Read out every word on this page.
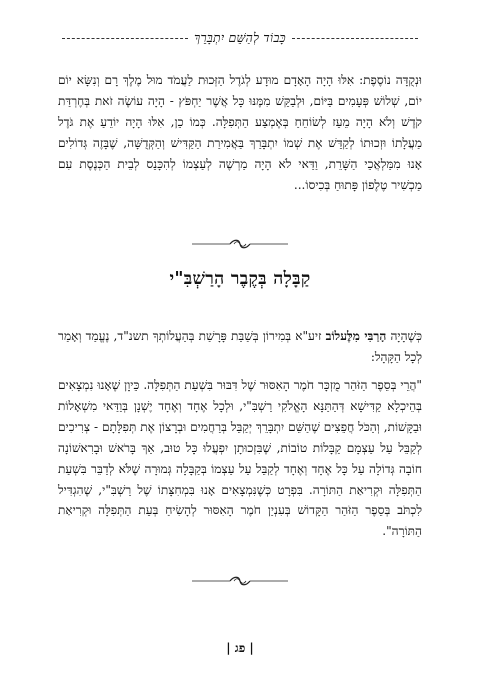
כָּבוֹד לְהַשֵּׁם יִתְבָּרֵךְ

וּנְקֻדָּה נוֹסֶפֶת: אִלּוּ הָיָה הָאָדָם מוּדָע לְגֹדֶל הַזְּכוּת לַעֲמֹד מוּל מֶלֶךְ רָם וְנִשָּׂא יוֹם יוֹם, שְׁלוֹשׁ פְּעָמִים בַּיּוֹם, וּלְבַקֵּשׁ מִמֶּנּוּ כָּל אֲשֶׁר יַחְפֹּץ - הָיָה עוֹשֶׂה זֹאת בְּחֶרְדַּת קֹדֶשׁ וְלֹא הָיָה מֵעֵז לְשׂוֹחֵחַ בְּאֶמְצַע הַתְּפִלָּה. כְּמוֹ כֵן, אִלּוּ הָיָה יוֹדֵעַ אֶת גֹּדֶל מַעֲלָתוֹ וּזְכוּתוֹ לְקַדֵּשׁ אֶת שְׁמוֹ יִתְבָּרַךְ בַּאֲמִירַת הַקַּדִּישׁ וְהַקְּדֻשָּׁה, שֶׁבָּזֶה גְּדוֹלִים אָנוּ מִמַּלְאֲכֵי הַשָּׁרֵת, וַדַּאי לֹא הָיָה מַרְשֶׁה לְעַצְמוֹ לְהִכָּנֵס לְבֵית הַכְּנֶסֶת עִם מַכְשִׁיר טֶלֶפוֹן פָּתוּחַ בְּכִיסוֹ...

קַבָּלָה בְּקֶבֶר הָרַשְׁבִּ"י

כְּשֶׁהָיָה הָרַבִּי מִלֶּעלוֹב זיע"א בְּמִירוֹן בְּשַׁבַּת פָּרָשַׁת בְּהַעֲלוֹתְךָ תשנ"ד, נֶעֱמַד וְאָמַר לְכָל הַקָּהָל:

"הֲרֵי בְּסֵפֶר הַזֹּהַר מֻזְכָּר חֹמֶר הָאִסּוּר שֶׁל דִּבּוּר בִּשְׁעַת הַתְּפִלָּה. כֵּיוָן שֶׁאָנוּ נִמְצָאִים בְּהֵיכְלָא קַדִּישָׁא דְּהַתַּנָּא הָאֱלֹקִי רַשְׁבִּ"י, וּלְכָל אֶחָד וְאֶחָד יֶשְׁנָן בְּוַדַּאי מִשְׁאָלוֹת וּבַקָּשׁוֹת, וְהַכֹּל חֲפֵצִים שֶׁהַשֵּׁם יִתְבָּרֵךְ יְקַבֵּל בְּרַחֲמִים וּבְרָצוֹן אֶת תְּפִלָּתָם - צְרִיכִים לְקַבֵּל עַל עַצְמָם קַבָּלוֹת טוֹבוֹת, שֶׁבִּזְכוּתָן יִפְעֲלוּ כָּל טוּב, אַךְ בָּרֹאשׁ וּבָרִאשׁוֹנָה חוֹבָה גְּדוֹלָה עַל כָּל אֶחָד וְאֶחָד לְקַבֵּל עַל עַצְמוֹ בְּקַבָּלָה גְּמוּרָה שֶׁלֹּא לְדַבֵּר בִּשְׁעַת הַתְּפִלָּה וּקְרִיאַת הַתּוֹרָה. בִּפְרָט כְּשֶׁנִּמְצָאִים אָנוּ בִּמְחִצָּתוֹ שֶׁל רַשְׁבִּ"י, שֶׁהִגְדִּיל לִכְתֹּב בְּסֵפֶר הַזֹּהַר הַקָּדוֹשׁ בְּעִנְיַן חֹמֶר הָאִסּוּר לְהָשִׂיחַ בְּעֵת הַתְּפִלָּה וּקְרִיאַת הַתּוֹרָה".

| פג |
